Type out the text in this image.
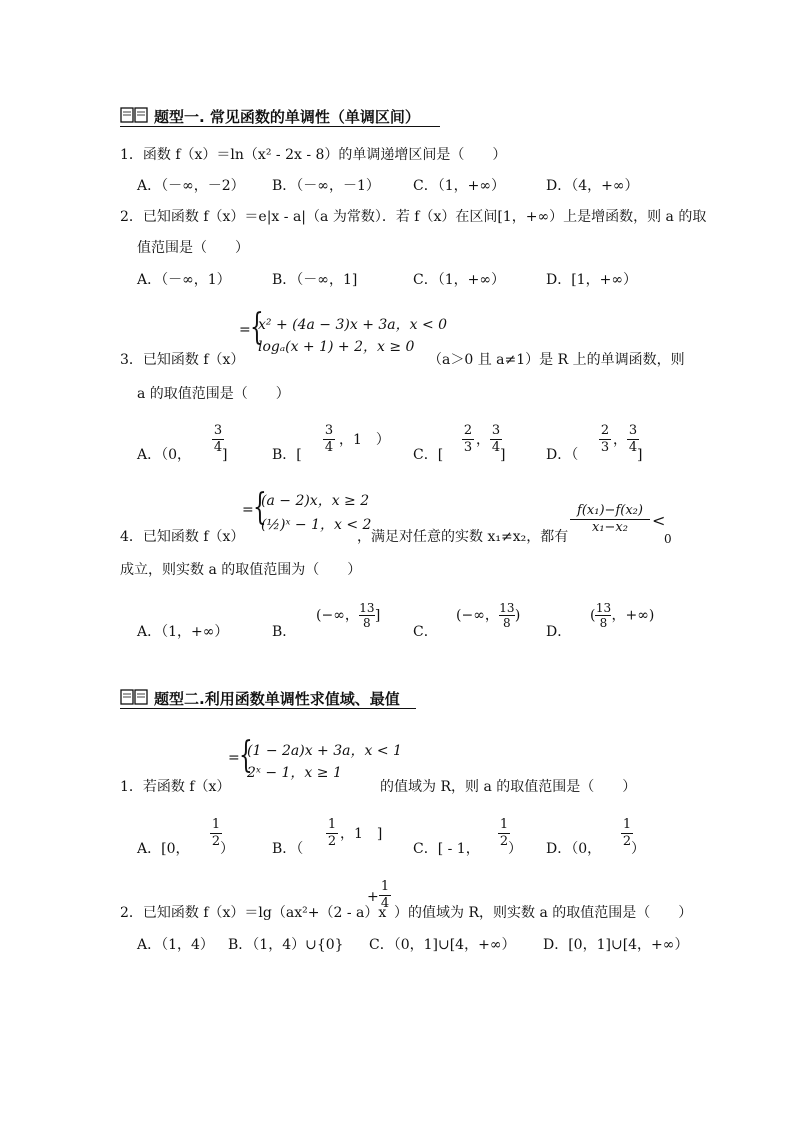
题型一. 常见函数的单调性（单调区间）
1．函数 f（x）＝ln（x² - 2x - 8）的单调递增区间是（　　）
A．（－∞，－2） B．（－∞，－1） C．（1，+∞）	D．（4，+∞）
2．已知函数 f（x）＝e|x - a|（a 为常数）．若 f（x）在区间[1，+∞）上是增函数，则 a 的取
值范围是（　　）
A．（－∞，1）	B．（－∞，1]	C．（1，+∞）	D．[1，+∞）
= {
x² + (4a − 3)x + 3a，x < 0
logₐ(x + 1) + 2，x ≥ 0
3．已知函数 f（x）	（a＞0 且 a≠1）是 R 上的单调函数，则
a 的取值范围是（　　）
A．（0，
3
4 ]	B．[
3
4 ，1　）
C．[
2
3 ，
3
4 ]	D．（
2
3 ，
3
4 ]
= {
(a − 2)x，x ≥ 2
(½)ˣ − 1，x < 2
4．已知函数 f（x）	，满足对任意的实数 x₁≠x₂，都有
f(x₁)−f(x₂)
x₁−x₂	<
0
成立，则实数 a 的取值范围为（　　）
A．（1，+∞）	B．
(−∞，$\frac{13}{8}$]
C．
(−∞，$\frac{13}{8}$)
D．
($\frac{13}{8}$，+∞)
题型二.利用函数单调性求值域、最值
= {
(1 − 2a)x + 3a，x < 1
2ˣ − 1，x ≥ 1
1．若函数 f（x）	的值域为 R，则 a 的取值范围是（　　）
A．[0，
1
2 ）	B．（
1
2 ，1　]
C．[ - 1，
1
2 ） D．（0，
1
2 ）
2．已知函数 f（x）＝lg（ax²+（2 - a）x
+
1
4
）的值域为 R，则实数 a 的取值范围是（　　）
A．（1，4） B．（1，4）∪{0} C．（0，1]∪[4，+∞） D．[0，1]∪[4，+∞）
